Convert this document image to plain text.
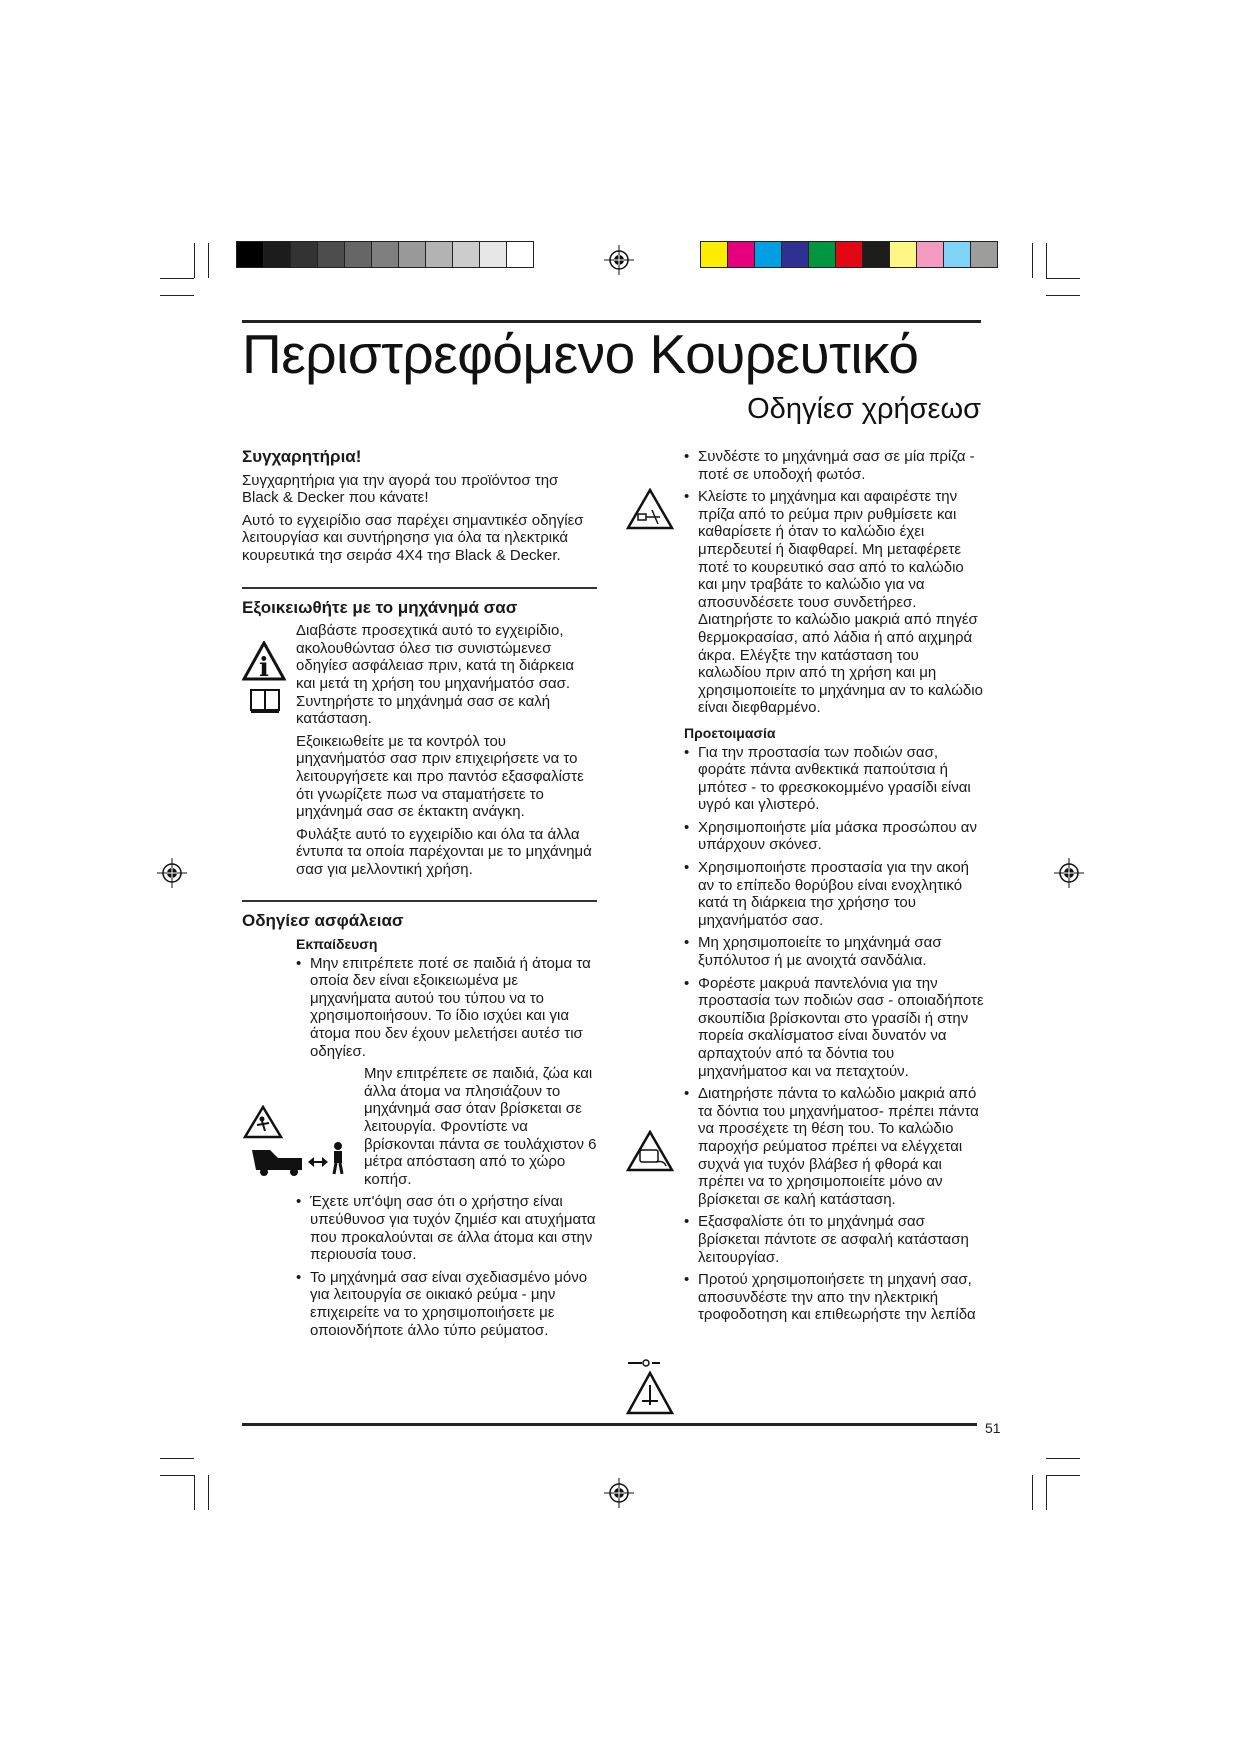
Περιστρεφόμενο Κουρευτικό
Οδηγίεσ χρήσεωσ
Συγχαρητήρια!

Συγχαρητήρια για την αγορά του προϊόντοσ τησ Black & Decker που κάνατε!

Αυτό το εγχειρίδιο σασ παρέχει σημαντικέσ οδηγίεσ λειτουργίασ και συντήρησησ για όλα τα ηλεκτρικά κουρευτικά τησ σειράσ 4X4 τησ Black & Decker.

Εξοικειωθήτε με το μηχάνημά σασ

Διαβάστε προσεχτικά αυτό το εγχειρίδιο, ακολουθώντασ όλεσ τισ συνιστώμενεσ οδηγίεσ ασφάλειασ πριν, κατά τη διάρκεια και μετά τη χρήση του μηχανήματόσ σασ. Συντηρήστε το μηχάνημά σασ σε καλή κατάσταση.

Εξοικειωθείτε με τα κοντρόλ του μηχανήματόσ σασ πριν επιχειρήσετε να το λειτουργήσετε και προ παντόσ εξασφαλίστε ότι γνωρίζετε πωσ να σταματήσετε το μηχάνημά σασ σε έκτακτη ανάγκη.

Φυλάξτε αυτό το εγχειρίδιο και όλα τα άλλα έντυπα τα οποία παρέχονται με το μηχάνημά σασ για μελλοντική χρήση.

Οδηγίεσ ασφάλειασ
Εκπαίδευση
• Μην επιτρέπετε ποτέ σε παιδιά ή άτομα τα οποία δεν είναι εξοικειωμένα με μηχανήματα αυτού του τύπου να το χρησιμοποιήσουν. Το ίδιο ισχύει και για άτομα που δεν έχουν μελετήσει αυτέσ τισ οδηγίεσ.
Μην επιτρέπετε σε παιδιά, ζώα και άλλα άτομα να πλησιάζουν το μηχάνημά σασ όταν βρίσκεται σε λειτουργία. Φροντίστε να βρίσκονται πάντα σε τουλάχιστον 6 μέτρα απόσταση από το χώρο κοπήσ.
• Έχετε υπ'όψη σασ ότι ο χρήστησ είναι υπεύθυνοσ για τυχόν ζημιέσ και ατυχήματα που προκαλούνται σε άλλα άτομα και στην περιουσία τουσ.
• Το μηχάνημά σασ είναι σχεδιασμένο μόνο για λειτουργία σε οικιακό ρεύμα - μην επιχειρείτε να το χρησιμοποιήσετε με οποιονδήποτε άλλο τύπο ρεύματοσ.
i
• Συνδέστε το μηχάνημά σασ σε μία πρίζα - ποτέ σε υποδοχή φωτόσ.
• Κλείστε το μηχάνημα και αφαιρέστε την πρίζα από το ρεύμα πριν ρυθμίσετε και καθαρίσετε ή όταν το καλώδιο έχει μπερδευτεί ή διαφθαρεί. Μη μεταφέρετε ποτέ το κουρευτικό σασ από το καλώδιο και μην τραβάτε το καλώδιο για να αποσυνδέσετε τουσ συνδετήρεσ. Διατηρήστε το καλώδιο μακριά από πηγέσ θερμοκρασίασ, από λάδια ή από αιχμηρά άκρα. Ελέγξτε την κατάσταση του καλωδίου πριν από τη χρήση και μη χρησιμοποιείτε το μηχάνημα αν το καλώδιο είναι διεφθαρμένο.
Προετοιμασία
• Για την προστασία των ποδιών σασ, φοράτε πάντα ανθεκτικά παπούτσια ή μπότεσ - το φρεσκοκομμένο γρασίδι είναι υγρό και γλιστερό.
• Χρησιμοποιήστε μία μάσκα προσώπου αν υπάρχουν σκόνεσ.
• Χρησιμοποιήστε προστασία για την ακοή αν το επίπεδο θορύβου είναι ενοχλητικό κατά τη διάρκεια τησ χρήσησ του μηχανήματόσ σασ.
• Μη χρησιμοποιείτε το μηχάνημά σασ ξυπόλυτοσ ή με ανοιχτά σανδάλια.
• Φορέστε μακρυά παντελόνια για την προστασία των ποδιών σασ - οποιαδήποτε σκουπίδια βρίσκονται στο γρασίδι ή στην πορεία σκαλίσματοσ είναι δυνατόν να αρπαχτούν από τα δόντια του μηχανήματοσ και να πεταχτούν.
• Διατηρήστε πάντα το καλώδιο μακριά από τα δόντια του μηχανήματοσ- πρέπει πάντα να προσέχετε τη θέση του. Το καλώδιο παροχήσ ρεύματοσ πρέπει να ελέγχεται συχνά για τυχόν βλάβεσ ή φθορά και πρέπει να το χρησιμοποιείτε μόνο αν βρίσκεται σε καλή κατάσταση.
• Εξασφαλίστε ότι το μηχάνημά σασ βρίσκεται πάντοτε σε ασφαλή κατάσταση λειτουργίασ.
• Προτού χρησιμοποιήσετε τη μηχανή σασ, αποσυνδέστε την απο την ηλεκτρική τροφοδοτηση και επιθεωρήστε την λεπίδα
51
